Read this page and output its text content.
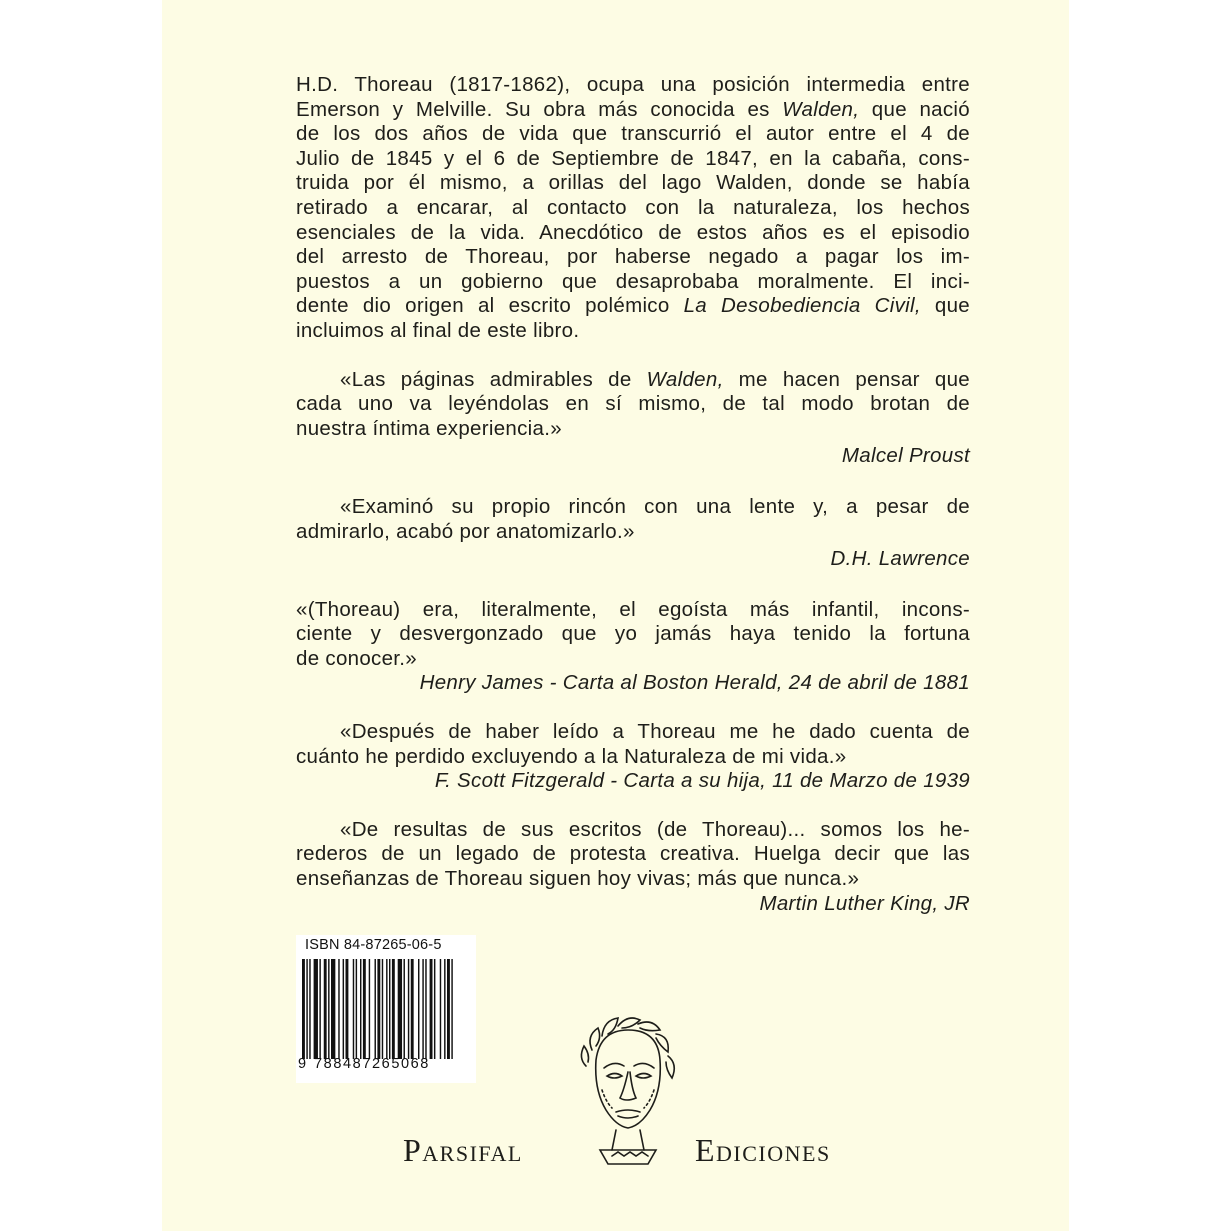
H.D. Thoreau (1817-1862), ocupa una posición intermedia entre
Emerson y Melville. Su obra más conocida es Walden, que nació
de los dos años de vida que transcurrió el autor entre el 4 de
Julio de 1845 y el 6 de Septiembre de 1847, en la cabaña, cons-
truida por él mismo, a orillas del lago Walden, donde se había
retirado a encarar, al contacto con la naturaleza, los hechos
esenciales de la vida. Anecdótico de estos años es el episodio
del arresto de Thoreau, por haberse negado a pagar los im-
puestos a un gobierno que desaprobaba moralmente. El inci-
dente dio origen al escrito polémico La Desobediencia Civil, que
incluimos al final de este libro.

«Las páginas admirables de Walden, me hacen pensar que
cada uno va leyéndolas en sí mismo, de tal modo brotan de
nuestra íntima experiencia.»

Malcel Proust

«Examinó su propio rincón con una lente y, a pesar de
admirarlo, acabó por anatomizarlo.»

D.H. Lawrence

«(Thoreau) era, literalmente, el egoísta más infantil, incons-
ciente y desvergonzado que yo jamás haya tenido la fortuna
de conocer.»

Henry James - Carta al Boston Herald, 24 de abril de 1881

«Después de haber leído a Thoreau me he dado cuenta de
cuánto he perdido excluyendo a la Naturaleza de mi vida.»

F. Scott Fitzgerald - Carta a su hija, 11 de Marzo de 1939

«De resultas de sus escritos (de Thoreau)... somos los he-
rederos de un legado de protesta creativa. Huelga decir que las
enseñanzas de Thoreau siguen hoy vivas; más que nunca.»

Martin Luther King, JR
ISBN 84-87265-06-5
9 788487265068
Parsifal	Ediciones
